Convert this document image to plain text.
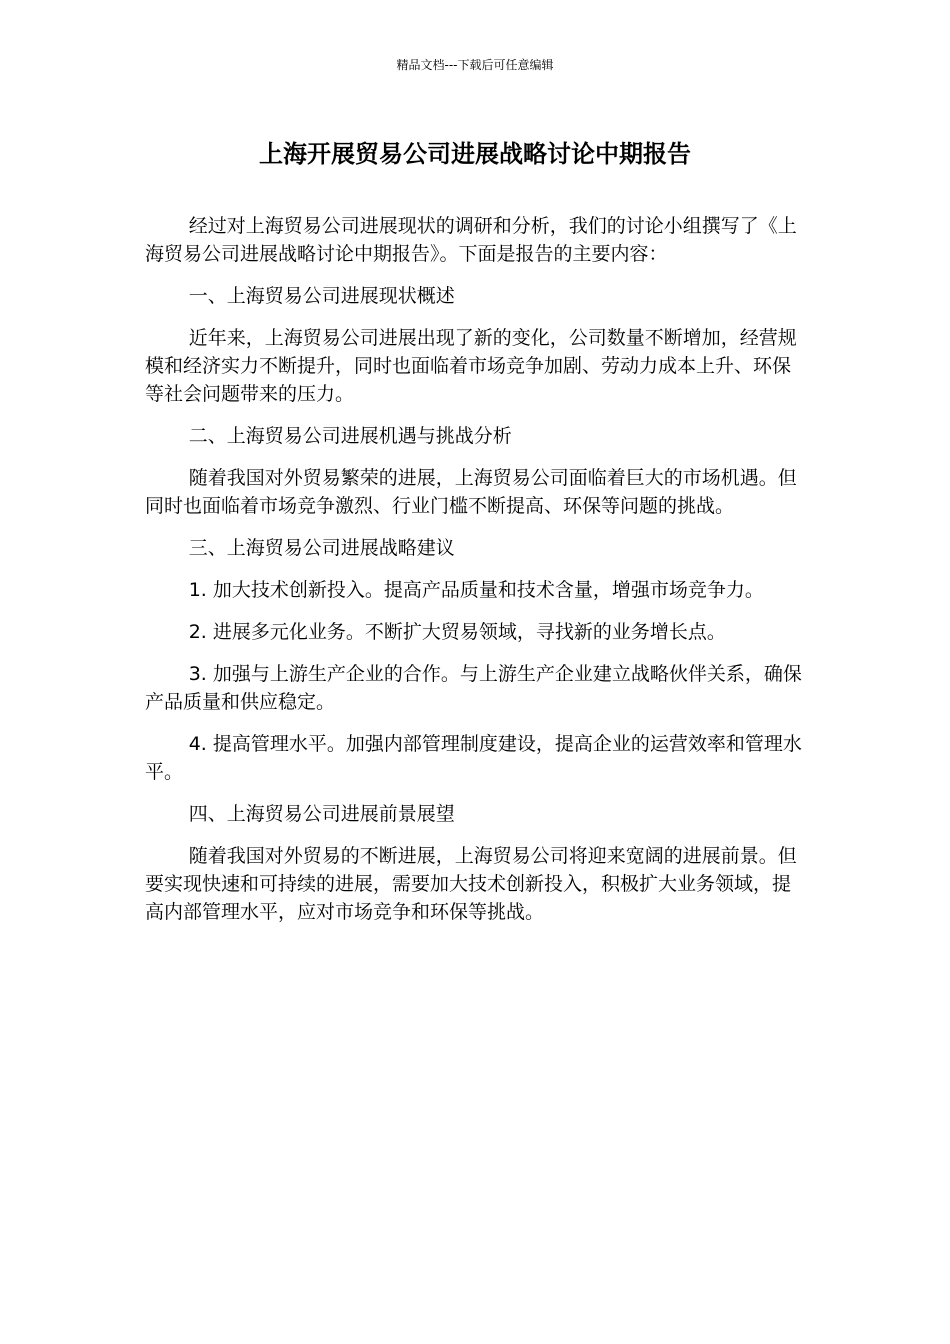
精品文档---下载后可任意编辑
上海开展贸易公司进展战略讨论中期报告

经过对上海贸易公司进展现状的调研和分析，我们的讨论小组撰写了《上海贸易公司进展战略讨论中期报告》。下面是报告的主要内容：

一、上海贸易公司进展现状概述

近年来，上海贸易公司进展出现了新的变化，公司数量不断增加，经营规模和经济实力不断提升，同时也面临着市场竞争加剧、劳动力成本上升、环保等社会问题带来的压力。

二、上海贸易公司进展机遇与挑战分析

随着我国对外贸易繁荣的进展，上海贸易公司面临着巨大的市场机遇。但同时也面临着市场竞争激烈、行业门槛不断提高、环保等问题的挑战。

三、上海贸易公司进展战略建议

1. 加大技术创新投入。提高产品质量和技术含量，增强市场竞争力。

2. 进展多元化业务。不断扩大贸易领域，寻找新的业务增长点。

3. 加强与上游生产企业的合作。与上游生产企业建立战略伙伴关系，确保产品质量和供应稳定。

4. 提高管理水平。加强内部管理制度建设，提高企业的运营效率和管理水平。

四、上海贸易公司进展前景展望

随着我国对外贸易的不断进展，上海贸易公司将迎来宽阔的进展前景。但要实现快速和可持续的进展，需要加大技术创新投入，积极扩大业务领域，提高内部管理水平，应对市场竞争和环保等挑战。
